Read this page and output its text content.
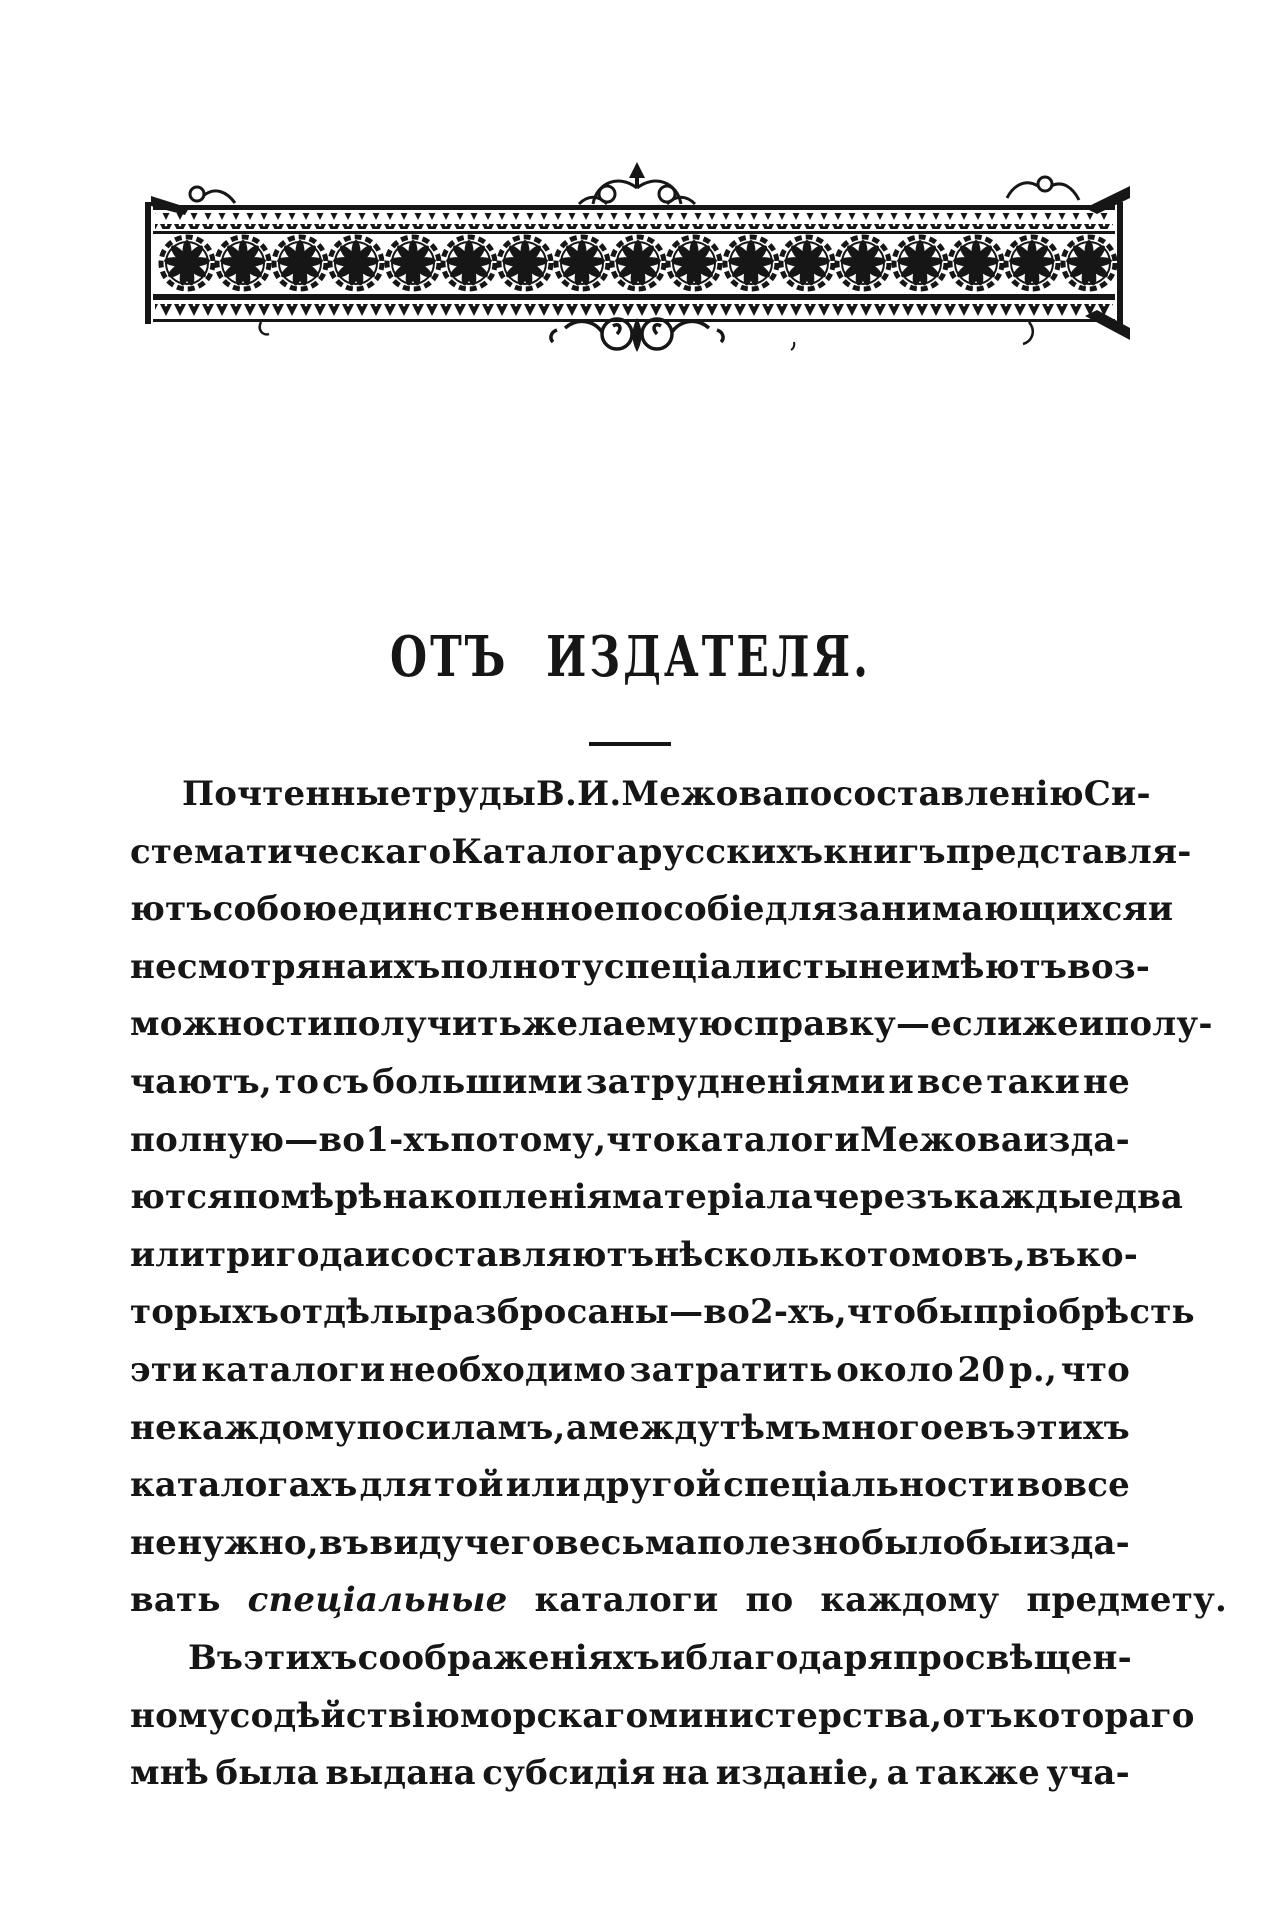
ОТЪ ИЗДАТЕЛЯ.
Почтенные труды В. И. Межова по составленію Си-
стематическаго Каталога русскихъ книгъ представля-
ютъ собою единственное пособіе для занимающихся и
не смотря на ихъ полноту спеціалисты не имѣютъ воз-
можности получить желаемую справку—если же и полу-
чаютъ, то съ большими затрудненіями и все таки не
полную—во 1-хъ потому, что каталоги Межова изда-
ются по мѣрѣ накопленія матеріала черезъ каждые два
или три года и составляютъ нѣсколько томовъ, въ ко-
торыхъ отдѣлы разбросаны—во 2-хъ, чтобы пріобрѣсть
эти каталоги необходимо затратить около 20 р., что
не каждому по силамъ, а между тѣмъ многое въ этихъ
каталогахъ для той или другой спеціальности вовсе
не нужно, въ виду чего весьма полезно было бы изда-
вать спеціальные каталоги по каждому предмету.
Въ этихъ соображеніяхъ и благодаря просвѣщен-
ному содѣйствію морскаго министерства, отъ котораго
мнѣ была выдана субсидія на изданіе, а также уча-
